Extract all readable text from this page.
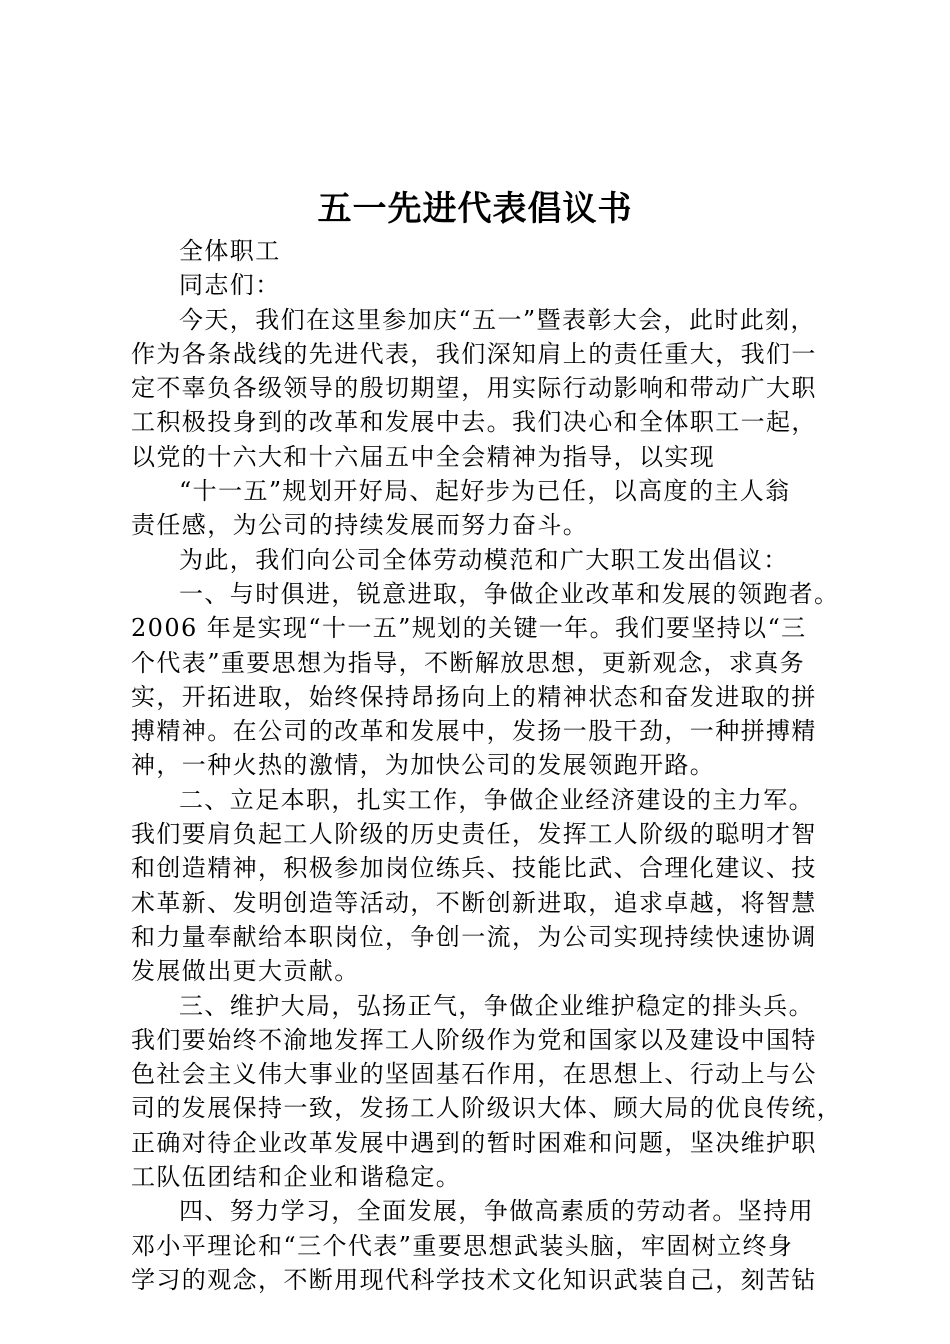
五一先进代表倡议书
全体职工
同志们：
今天，我们在这里参加庆“五一”暨表彰大会，此时此刻，
作为各条战线的先进代表，我们深知肩上的责任重大，我们一
定不辜负各级领导的殷切期望，用实际行动影响和带动广大职
工积极投身到的改革和发展中去。我们决心和全体职工一起，
以党的十六大和十六届五中全会精神为指导，以实现
“十一五”规划开好局、起好步为已任，以高度的主人翁
责任感，为公司的持续发展而努力奋斗。
为此，我们向公司全体劳动模范和广大职工发出倡议：
一、与时俱进，锐意进取，争做企业改革和发展的领跑者。
2006 年是实现“十一五”规划的关键一年。我们要坚持以“三
个代表”重要思想为指导，不断解放思想，更新观念，求真务
实，开拓进取，始终保持昂扬向上的精神状态和奋发进取的拼
搏精神。在公司的改革和发展中，发扬一股干劲，一种拼搏精
神，一种火热的激情，为加快公司的发展领跑开路。
二、立足本职，扎实工作，争做企业经济建设的主力军。
我们要肩负起工人阶级的历史责任，发挥工人阶级的聪明才智
和创造精神，积极参加岗位练兵、技能比武、合理化建议、技
术革新、发明创造等活动，不断创新进取，追求卓越，将智慧
和力量奉献给本职岗位，争创一流，为公司实现持续快速协调
发展做出更大贡献。
三、维护大局，弘扬正气，争做企业维护稳定的排头兵。
我们要始终不渝地发挥工人阶级作为党和国家以及建设中国特
色社会主义伟大事业的坚固基石作用，在思想上、行动上与公
司的发展保持一致，发扬工人阶级识大体、顾大局的优良传统，
正确对待企业改革发展中遇到的暂时困难和问题，坚决维护职
工队伍团结和企业和谐稳定。
四、努力学习，全面发展，争做高素质的劳动者。坚持用
邓小平理论和“三个代表”重要思想武装头脑，牢固树立终身
学习的观念，不断用现代科学技术文化知识武装自己，刻苦钻
